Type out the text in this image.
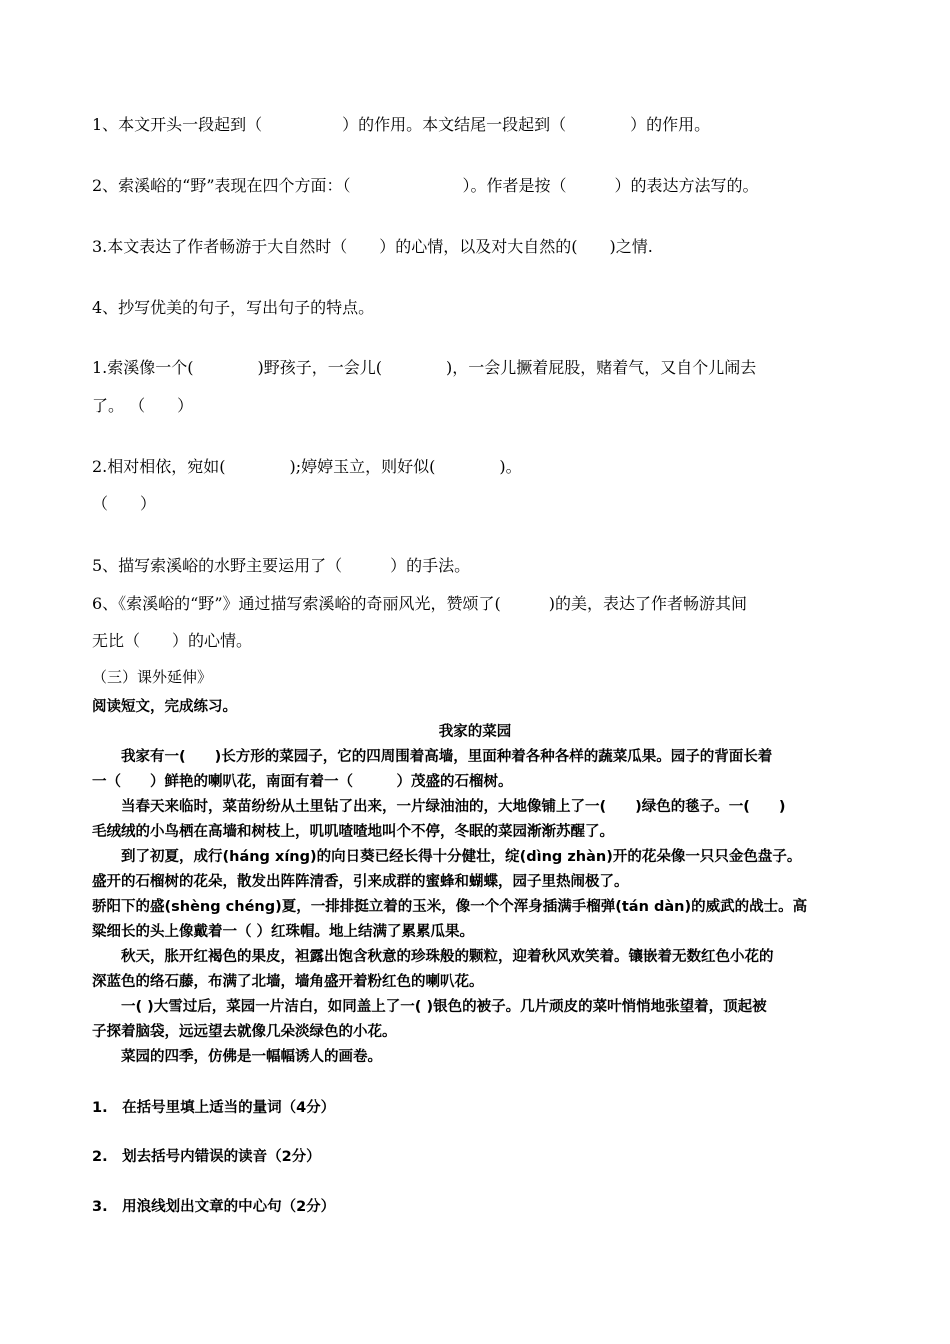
1、本文开头一段起到（　　　　　）的作用。本文结尾一段起到（　　　　）的作用。
2、索溪峪的“野”表现在四个方面：（　　　　　　　）。作者是按（　　　）的表达方法写的。
3.本文表达了作者畅游于大自然时（　　）的心情，以及对大自然的(　　)之情.
4、抄写优美的句子，写出句子的特点。
1.索溪像一个(　　　　)野孩子，一会儿(　　　　)，一会儿撅着屁股，赌着气，又自个儿闹去
了。 （　　）
2.相对相依，宛如(　　　　);婷婷玉立，则好似(　　　　)。
（　　）
5、描写索溪峪的水野主要运用了（　　　）的手法。
6、《索溪峪的“野”》通过描写索溪峪的奇丽风光，赞颂了(　　　)的美，表达了作者畅游其间
无比（　　）的心情。
（三）课外延伸》
阅读短文，完成练习。
我家的菜园
　　我家有一(　　)长方形的菜园子，它的四周围着高墙，里面种着各种各样的蔬菜瓜果。园子的背面长着
一（　　）鲜艳的喇叭花，南面有着一（　　　）茂盛的石榴树。
　　当春天来临时，菜苗纷纷从土里钻了出来，一片绿油油的，大地像铺上了一(　　)绿色的毯子。一(　　)
毛绒绒的小鸟栖在高墙和树枝上，叽叽喳喳地叫个不停，冬眠的菜园渐渐苏醒了。
　　到了初夏，成行(háng xíng)的向日葵已经长得十分健壮，绽(dìng zhàn)开的花朵像一只只金色盘子。
盛开的石榴树的花朵，散发出阵阵清香，引来成群的蜜蜂和蝴蝶，园子里热闹极了。
骄阳下的盛(shèng chéng)夏，一排排挺立着的玉米，像一个个浑身插满手榴弹(tán dàn)的威武的战士。高
粱细长的头上像戴着一（ ）红珠帽。地上结满了累累瓜果。
　　秋天，胀开红褐色的果皮，袒露出饱含秋意的珍珠般的颗粒，迎着秋风欢笑着。镶嵌着无数红色小花的
深蓝色的络石藤，布满了北墙，墙角盛开着粉红色的喇叭花。
　　一( )大雪过后，菜园一片洁白，如同盖上了一( )银色的被子。几片顽皮的菜叶悄悄地张望着，顶起被
子探着脑袋，远远望去就像几朵淡绿色的小花。
　　菜园的四季，仿佛是一幅幅诱人的画卷。
1.　在括号里填上适当的量词（4分）
2.　划去括号内错误的读音（2分）
3.　用浪线划出文章的中心句（2分）
